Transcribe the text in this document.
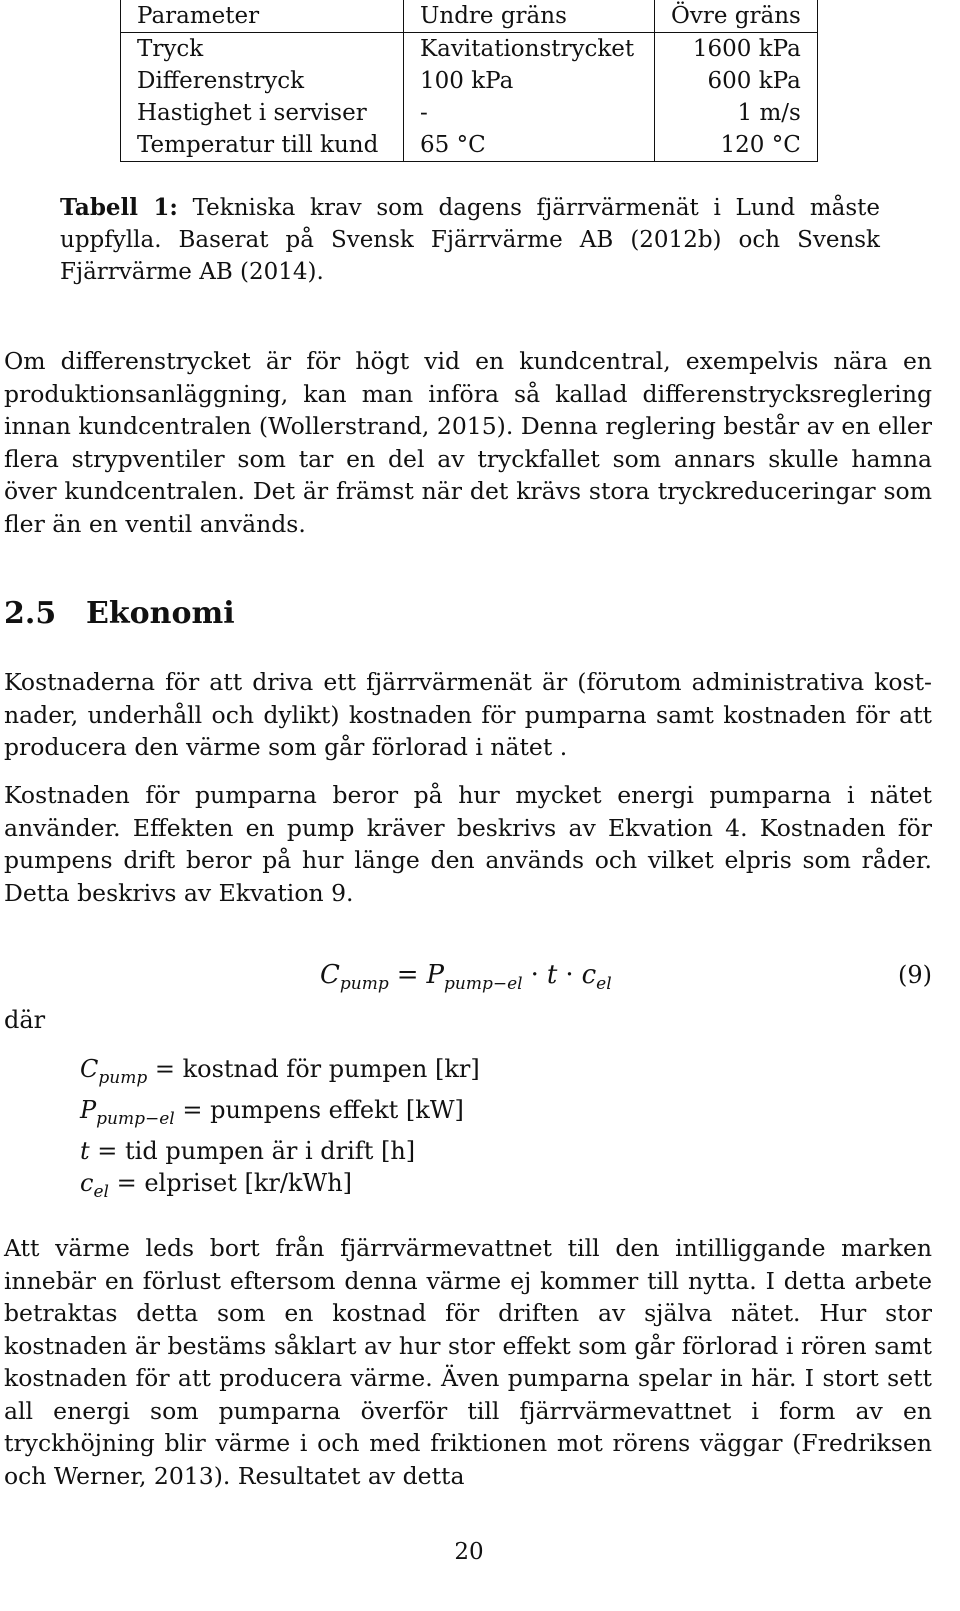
Parameter	Undre gräns	Övre gräns
Tryck	Kavitationstrycket	1600 kPa
Differenstryck	100 kPa	600 kPa
Hastighet i serviser	-	1 m/s
Temperatur till kund	65 °C	120 °C
Tabell 1: Tekniska krav som dagens fjärrvärmenät i Lund måste uppfylla. Baserat på Svensk Fjärrvärme AB (2012b) och Svensk Fjärrvärme AB (2014).
Om differenstrycket är för högt vid en kundcentral, exempelvis nära en produktionsanläggning, kan man införa så kallad differenstrycksreglering innan kundcentralen (Wollerstrand, 2015). Denna reglering består av en eller flera strypventiler som tar en del av tryckfallet som annars skulle hamna över kundcentralen. Det är främst när det krävs stora tryckreduceringar som fler än en ventil används.
2.5 Ekonomi
Kostnaderna för att driva ett fjärrvärmenät är (förutom administrativa kostnader, underhåll och dylikt) kostnaden för pumparna samt kostnaden för att producera den värme som går förlorad i nätet .
Kostnaden för pumparna beror på hur mycket energi pumparna i nätet använder. Effekten en pump kräver beskrivs av Ekvation 4. Kostnaden för pumpens drift beror på hur länge den används och vilket elpris som råder. Detta beskrivs av Ekvation 9.
$C_{pump} = P_{pump-el} \cdot t \cdot c_{el}$	(9)
där
$C_{pump}$ = kostnad för pumpen [kr]
$P_{pump-el}$ = pumpens effekt [kW]
t = tid pumpen är i drift [h]
$c_{el}$ = elpriset [kr/kWh]
Att värme leds bort från fjärrvärmevattnet till den intilliggande marken innebär en förlust eftersom denna värme ej kommer till nytta. I detta arbete betraktas detta som en kostnad för driften av själva nätet. Hur stor kostnaden är bestäms såklart av hur stor effekt som går förlorad i rören samt kostnaden för att producera värme. Även pumparna spelar in här. I stort sett all energi som pumparna överför till fjärrvärmevattnet i form av en tryckhöjning blir värme i och med friktionen mot rörens väggar (Fredriksen och Werner, 2013). Resultatet av detta
20
